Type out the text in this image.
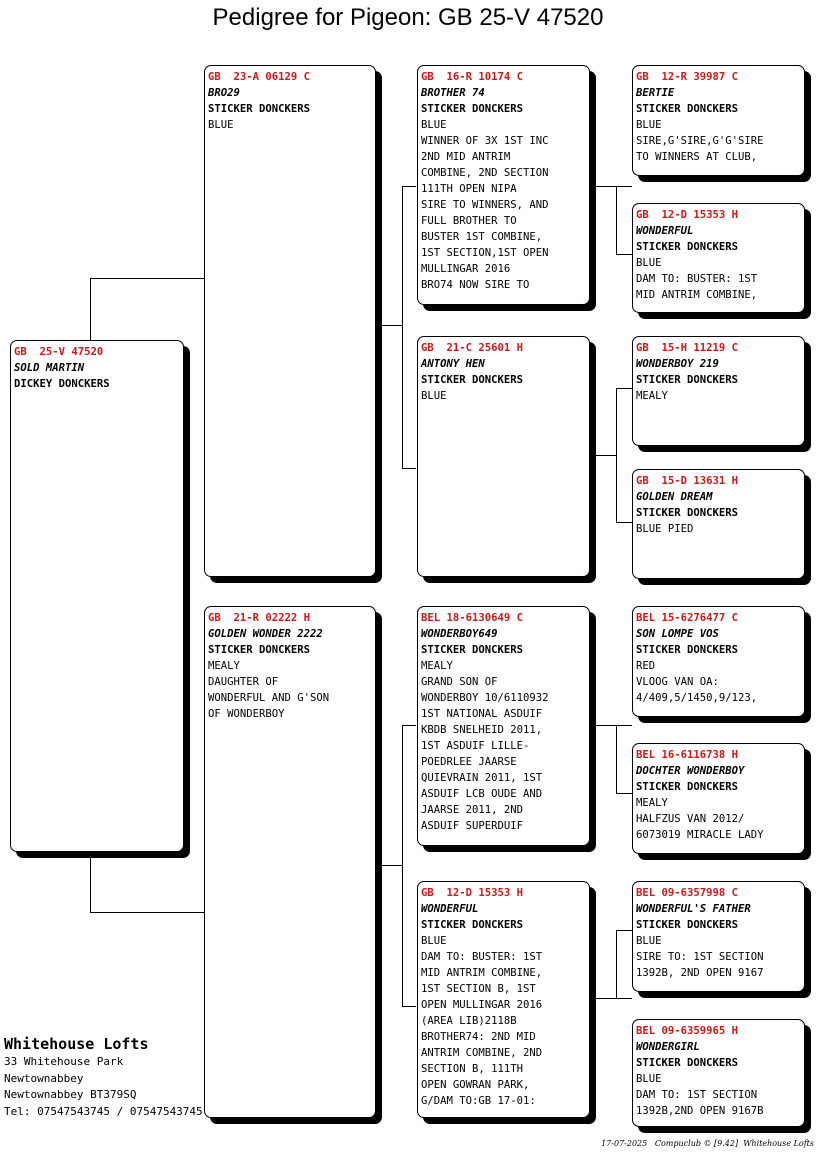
Pedigree for Pigeon: GB 25-V 47520
GB  25-V 47520
SOLD MARTIN
DICKEY DONCKERS
GB  23-A 06129 C
BRO29
STICKER DONCKERS
BLUE
GB  21-R 02222 H
GOLDEN WONDER 2222
STICKER DONCKERS
MEALY
DAUGHTER OF
WONDERFUL AND G'SON
OF WONDERBOY
GB  16-R 10174 C
BROTHER 74
STICKER DONCKERS
BLUE
WINNER OF 3X 1ST INC
2ND MID ANTRIM
COMBINE, 2ND SECTION
111TH OPEN NIPA
SIRE TO WINNERS, AND
FULL BROTHER TO
BUSTER 1ST COMBINE,
1ST SECTION,1ST OPEN
MULLINGAR 2016
BRO74 NOW SIRE TO
GB  21-C 25601 H
ANTONY HEN
STICKER DONCKERS
BLUE
BEL 18-6130649 C
WONDERBOY649
STICKER DONCKERS
MEALY
GRAND SON OF
WONDERBOY 10/6110932
1ST NATIONAL ASDUIF
KBDB SNELHEID 2011,
1ST ASDUIF LILLE-
POEDRLEE JAARSE
QUIEVRAIN 2011, 1ST
ASDUIF LCB OUDE AND
JAARSE 2011, 2ND
ASDUIF SUPERDUIF
GB  12-D 15353 H
WONDERFUL
STICKER DONCKERS
BLUE
DAM TO: BUSTER: 1ST
MID ANTRIM COMBINE,
1ST SECTION B, 1ST
OPEN MULLINGAR 2016
(AREA LIB)2118B
BROTHER74: 2ND MID
ANTRIM COMBINE, 2ND
SECTION B, 111TH
OPEN GOWRAN PARK,
G/DAM TO:GB 17-01:
GB  12-R 39987 C
BERTIE
STICKER DONCKERS
BLUE
SIRE,G'SIRE,G'G'SIRE
TO WINNERS AT CLUB,
GB  12-D 15353 H
WONDERFUL
STICKER DONCKERS
BLUE
DAM TO: BUSTER: 1ST
MID ANTRIM COMBINE,
GB  15-H 11219 C
WONDERBOY 219
STICKER DONCKERS
MEALY
GB  15-D 13631 H
GOLDEN DREAM
STICKER DONCKERS
BLUE PIED
BEL 15-6276477 C
SON LOMPE VOS
STICKER DONCKERS
RED
VLOOG VAN OA:
4/409,5/1450,9/123,
BEL 16-6116738 H
DOCHTER WONDERBOY
STICKER DONCKERS
MEALY
HALFZUS VAN 2012/
6073019 MIRACLE LADY
BEL 09-6357998 C
WONDERFUL'S FATHER
STICKER DONCKERS
BLUE
SIRE TO: 1ST SECTION
1392B, 2ND OPEN 9167
BEL 09-6359965 H
WONDERGIRL
STICKER DONCKERS
BLUE
DAM TO: 1ST SECTION
1392B,2ND OPEN 9167B
Whitehouse Lofts
33 Whitehouse Park
Newtownabbey
Newtownabbey BT379SQ
Tel: 07547543745 / 07547543745
17-07-2025 Compuclub © [9.42] Whitehouse Lofts
